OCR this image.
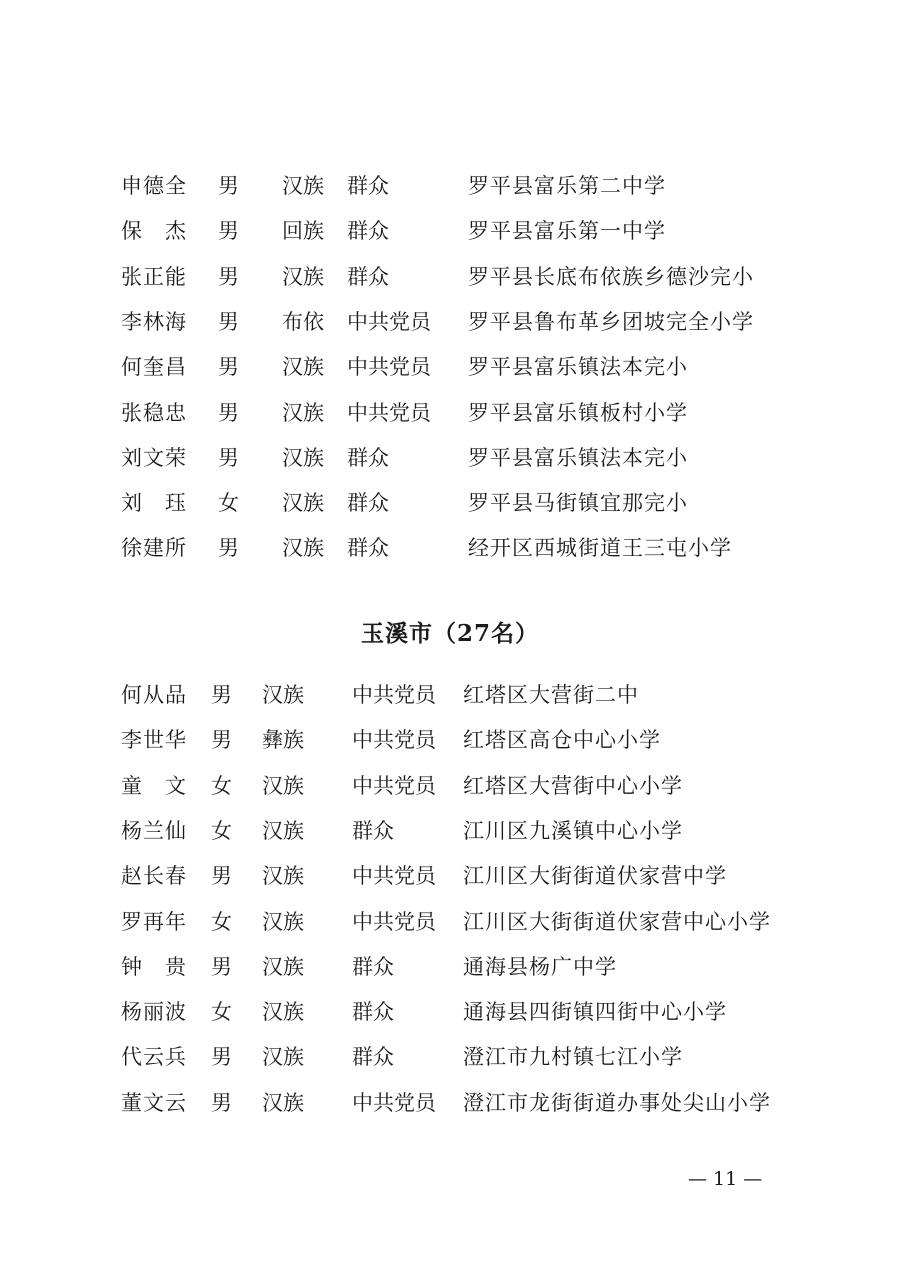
申德全 男 汉族 群众	罗平县富乐第二中学
保　杰 男 回族 群众	罗平县富乐第一中学
张正能 男 汉族 群众	罗平县长底布依族乡德沙完小
李林海 男 布依 中共党员 罗平县鲁布革乡团坡完全小学
何奎昌 男 汉族 中共党员 罗平县富乐镇法本完小
张稳忠 男 汉族 中共党员 罗平县富乐镇板村小学
刘文荣 男 汉族 群众	罗平县富乐镇法本完小
刘　珏 女 汉族 群众	罗平县马街镇宜那完小
徐建所 男 汉族 群众	经开区西城街道王三屯小学
玉溪市（27名）
何从品 男 汉族 中共党员 红塔区大营街二中
李世华 男 彝族 中共党员 红塔区高仓中心小学
童　文 女 汉族 中共党员 红塔区大营街中心小学
杨兰仙 女 汉族 群众	江川区九溪镇中心小学
赵长春 男 汉族 中共党员 江川区大街街道伏家营中学
罗再年 女 汉族 中共党员 江川区大街街道伏家营中心小学
钟　贵 男 汉族 群众	通海县杨广中学
杨丽波 女 汉族 群众	通海县四街镇四街中心小学
代云兵 男 汉族 群众	澄江市九村镇七江小学
董文云 男 汉族 中共党员 澄江市龙街街道办事处尖山小学
— 11 —
